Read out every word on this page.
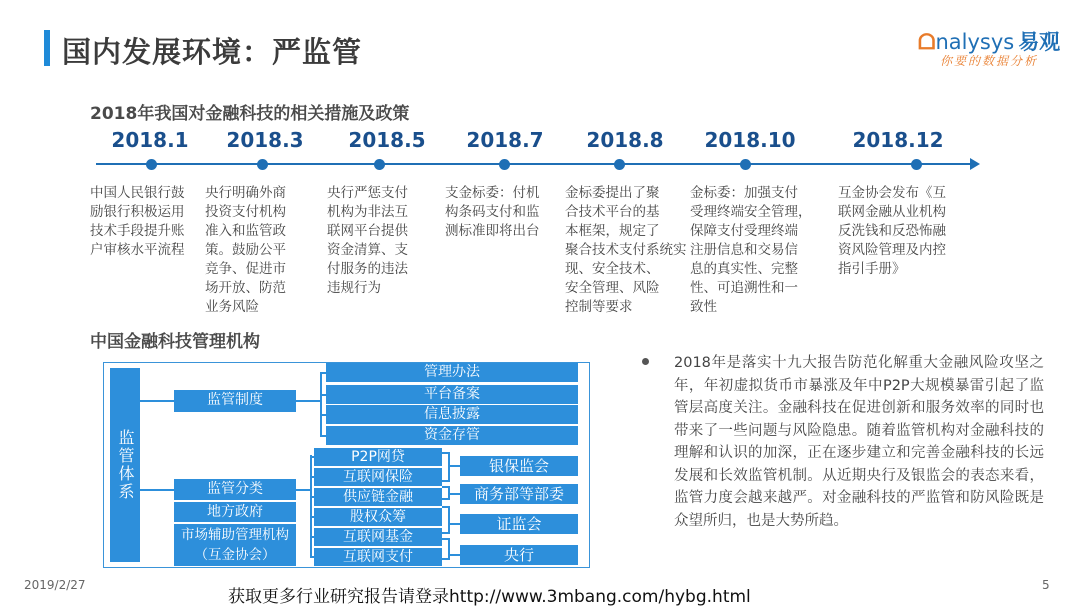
国内发展环境：严监管	ᗝnalysys 易观
你要的数据分析
2018年我国对金融科技的相关措施及政策
2018.1
中国人民银行鼓
励银行积极运用
技术手段提升账
户审核水平流程
2018.3
央行明确外商
投资支付机构
准入和监管政
策。鼓励公平
竞争、促进市
场开放、防范
业务风险
2018.5
央行严惩支付
机构为非法互
联网平台提供
资金清算、支
付服务的违法
违规行为
2018.7
支金标委：付机
构条码支付和监
测标准即将出台
2018.8
金标委提出了聚
合技术平台的基
本框架，规定了
聚合技术支付系统实
现、安全技术、
安全管理、风险
控制等要求
2018.10
金标委：加强支付
受理终端安全管理，
保障支付受理终端
注册信息和交易信
息的真实性、完整
性、可追溯性和一
致性
2018.12
互金协会发布《互
联网金融从业机构
反洗钱和反恐怖融
资风险管理及内控
指引手册》
中国金融科技管理机构
监管体系
监管制度
管理办法
平台备案
信息披露
资金存管
监管分类
地方政府
市场辅助管理机构（互金协会）
P2P网贷
互联网保险
供应链金融
股权众筹
互联网基金
互联网支付
银保监会
商务部等部委
证监会
央行
2018年是落实十九大报告防范化解重大金融风险攻坚之年，年初虚拟货币市暴涨及年中P2P大规模暴雷引起了监管层高度关注。金融科技在促进创新和服务效率的同时也带来了一些问题与风险隐患。随着监管机构对金融科技的理解和认识的加深，正在逐步建立和完善金融科技的长远发展和长效监管机制。从近期央行及银监会的表态来看，监管力度会越来越严。对金融科技的严监管和防风险既是众望所归，也是大势所趋。
2019/2/27	5
获取更多行业研究报告请登录http://www.3mbang.com/hybg.html
